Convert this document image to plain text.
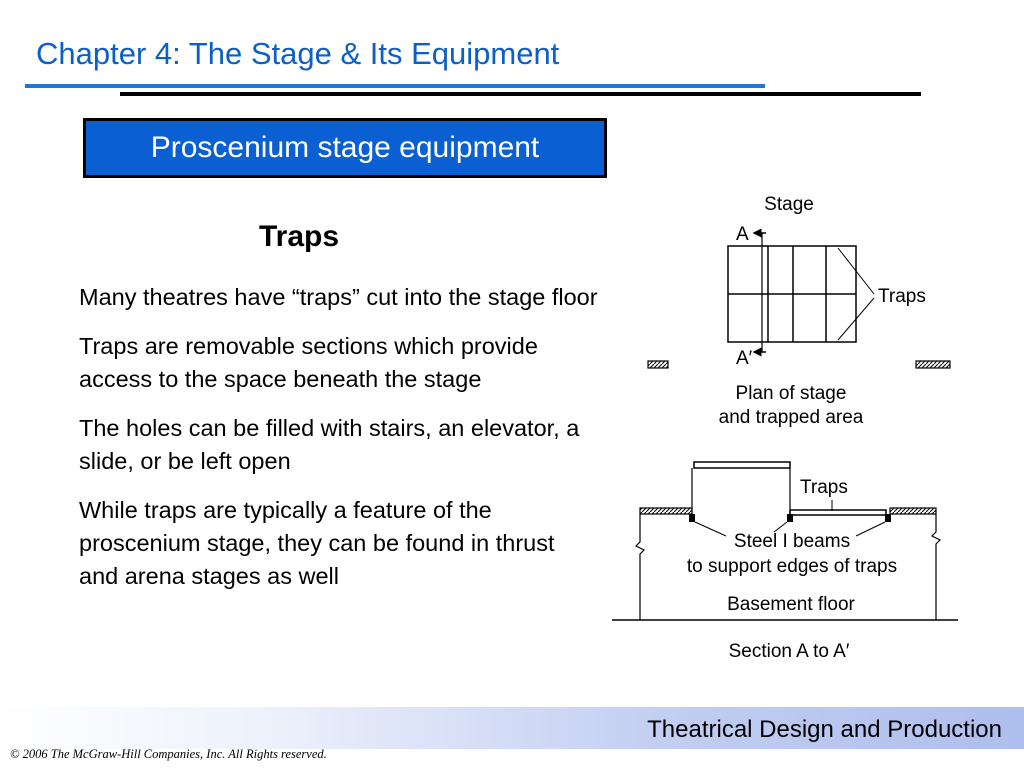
Chapter 4: The Stage & Its Equipment
Proscenium stage equipment
Traps

Many theatres have “traps” cut into the stage floor

Traps are removable sections which provide access to the space beneath the stage

The holes can be filled with stairs, an elevator, a slide, or be left open

While traps are typically a feature of the proscenium stage, they can be found in thrust and arena stages as well

Stage
A
Traps
A′
Plan of stage
and trapped area
Traps
Steel I beams
to support edges of traps
Basement floor
Section A to A′
Theatrical Design and Production
© 2006 The McGraw-Hill Companies, Inc. All Rights reserved.
